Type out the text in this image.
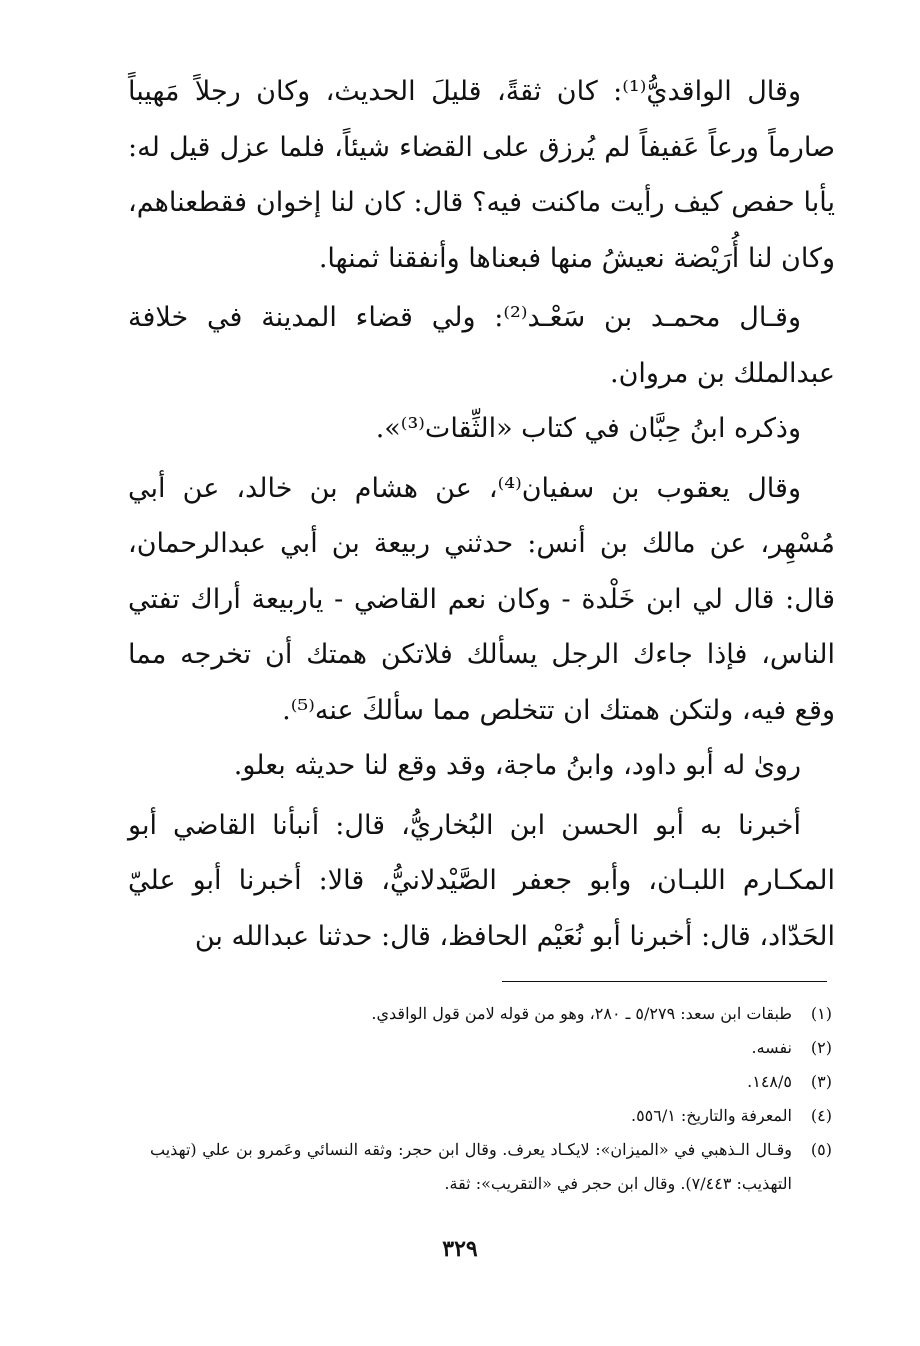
وقال الواقديُّ⁽¹⁾: كان ثقةً، قليلَ الحديث، وكان رجلاً مَهيباً صارماً ورعاً عَفيفاً لم يُرزق على القضاء شيئاً، فلما عزل قيل له: يأبا حفص كيف رأيت ماكنت فيه؟ قال: كان لنا إخوان فقطعناهم، وكان لنا أُرَيْضة نعيشُ منها فبعناها وأنفقنا ثمنها.

وقـال محمـد بن سَعْـد⁽²⁾: ولي قضاء المدينة في خلافة عبدالملك بن مروان.

وذكره ابنُ حِبَّان في كتاب «الثِّقات⁽³⁾».

وقال يعقوب بن سفيان⁽⁴⁾، عن هشام بن خالد، عن أبي مُسْهِر، عن مالك بن أنس: حدثني ربيعة بن أبي عبدالرحمان، قال: قال لي ابن خَلْدة - وكان نعم القاضي - ياربيعة أراك تفتي الناس، فإذا جاءك الرجل يسألك فلاتكن همتك أن تخرجه مما وقع فيه، ولتكن همتك ان تتخلص مما سألكَ عنه⁽⁵⁾.

روىٰ له أبو داود، وابنُ ماجة، وقد وقع لنا حديثه بعلو.

أخبرنا به أبو الحسن ابن البُخاريُّ، قال: أنبأنا القاضي أبو المكـارم اللبـان، وأبو جعفر الصَّيْدلانيُّ، قالا: أخبرنا أبو عليّ الحَدّاد، قال: أخبرنا أبو نُعَيْم الحافظ، قال: حدثنا عبدالله بن

(١)
طبقات ابن سعد: ٥/٢٧٩ ـ ٢٨٠، وهو من قوله لامن قول الواقدي.
(٢)
نفسه.
(٣)
١٤٨/٥.
(٤)
المعرفة والتاريخ: ٥٥٦/١.
(٥)
وقـال الـذهبي في «الميزان»: لايكـاد يعرف. وقال ابن حجر: وثقه النسائي وعَمرو بن علي (تهذيب التهذيب: ٧/٤٤٣). وقال ابن حجر في «التقريب»: ثقة.
٣٢٩
